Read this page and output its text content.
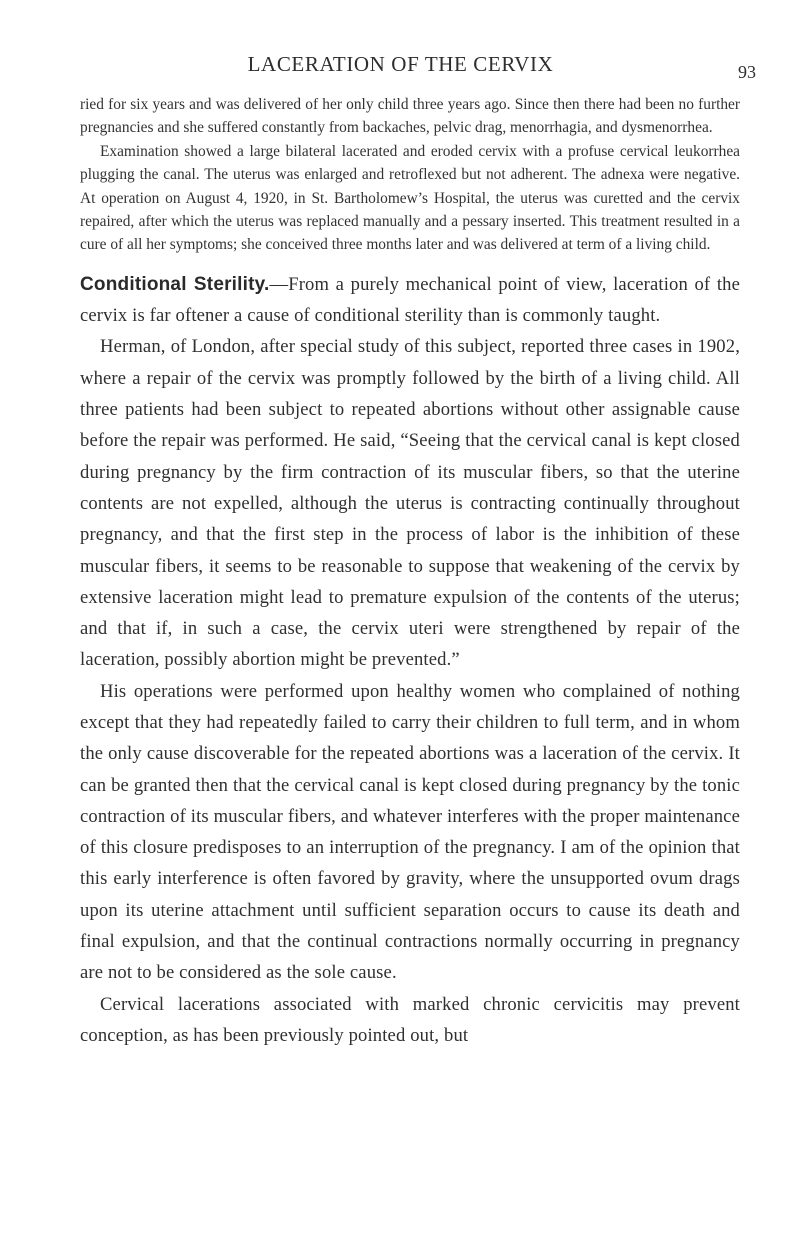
LACERATION OF THE CERVIX	93

ried for six years and was delivered of her only child three years ago. Since then there had been no further pregnancies and she suffered constantly from backaches, pelvic drag, menorrhagia, and dysmenorrhea.

Examination showed a large bilateral lacerated and eroded cervix with a profuse cervical leukorrhea plugging the canal. The uterus was enlarged and retroflexed but not adherent. The adnexa were negative. At operation on August 4, 1920, in St. Bartholomew’s Hospital, the uterus was curetted and the cervix repaired, after which the uterus was replaced manually and a pessary inserted. This treatment resulted in a cure of all her symptoms; she conceived three months later and was delivered at term of a living child.

Conditional Sterility.—From a purely mechanical point of view, laceration of the cervix is far oftener a cause of conditional sterility than is commonly taught.

Herman, of London, after special study of this subject, reported three cases in 1902, where a repair of the cervix was promptly followed by the birth of a living child. All three patients had been subject to repeated abortions without other assignable cause before the repair was performed. He said, “Seeing that the cervical canal is kept closed during pregnancy by the firm contraction of its muscular fibers, so that the uterine contents are not expelled, although the uterus is contracting continually throughout pregnancy, and that the first step in the process of labor is the inhibition of these muscular fibers, it seems to be reasonable to suppose that weakening of the cervix by extensive laceration might lead to premature expulsion of the contents of the uterus; and that if, in such a case, the cervix uteri were strengthened by repair of the laceration, possibly abortion might be prevented.”

His operations were performed upon healthy women who complained of nothing except that they had repeatedly failed to carry their children to full term, and in whom the only cause discoverable for the repeated abortions was a laceration of the cervix. It can be granted then that the cervical canal is kept closed during pregnancy by the tonic contraction of its muscular fibers, and whatever interferes with the proper maintenance of this closure predisposes to an interruption of the pregnancy. I am of the opinion that this early interference is often favored by gravity, where the unsupported ovum drags upon its uterine attachment until sufficient separation occurs to cause its death and final expulsion, and that the continual contractions normally occurring in pregnancy are not to be considered as the sole cause.

Cervical lacerations associated with marked chronic cervicitis may prevent conception, as has been previously pointed out, but
